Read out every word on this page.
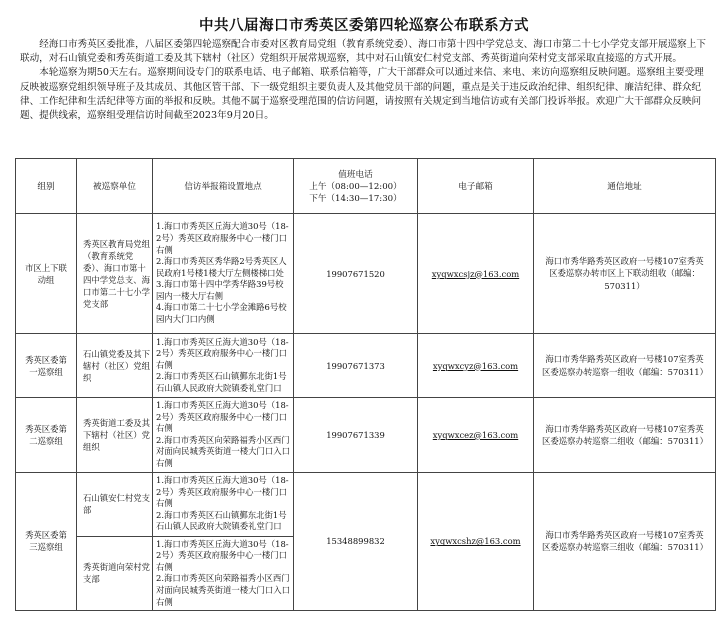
中共八届海口市秀英区委第四轮巡察公布联系方式

经海口市秀英区委批准，八届区委第四轮巡察配合市委对区教育局党组（教育系统党委）、海口市第十四中学党总支、海口市第二十七小学党支部开展巡察上下联动，对石山镇党委和秀英街道工委及其下辖村（社区）党组织开展常规巡察，其中对石山镇安仁村党支部、秀英街道向荣村党支部采取直接巡的方式开展。

本轮巡察为期50天左右。巡察期间设专门的联系电话、电子邮箱、联系信箱等，广大干部群众可以通过来信、来电、来访向巡察组反映问题。巡察组主要受理反映被巡察党组织领导班子及其成员、其他区管干部、下一级党组织主要负责人及其他党员干部的问题，重点是关于违反政治纪律、组织纪律、廉洁纪律、群众纪律、工作纪律和生活纪律等方面的举报和反映。其他不属于巡察受理范围的信访问题，请按照有关规定到当地信访或有关部门投诉举报。欢迎广大干部群众反映问题、提供线索，巡察组受理信访时间截至2023年9月20日。

组别	被巡察单位	信访举报箱设置地点	值班电话
上午（08:00—12:00）
下午（14:30—17:30）	电子邮箱	通信地址
市区上下联动组	秀英区教育局党组（教育系统党委）、海口市第十四中学党总支、海口市第二十七小学党支部	1.海口市秀英区丘海大道30号（18-2号）秀英区政府服务中心一楼门口右侧
2.海口市秀英区秀华路2号秀英区人民政府1号楼1楼大厅左侧楼梯口处
3.海口市第十四中学秀华路39号校园内一楼大厅右侧
4.海口市第二十七小学金滩路6号校园内大门口内侧	19907671520	xyqwxcsjz@163.com	海口市秀华路秀英区政府一号楼107室秀英区委巡察办转市区上下联动组收（邮编：570311）
秀英区委第一巡察组	石山镇党委及其下辖村（社区）党组织	1.海口市秀英区丘海大道30号（18-2号）秀英区政府服务中心一楼门口右侧
2.海口市秀英区石山镇鄞东北街1号石山镇人民政府大院镇委礼堂门口	19907671373	xyqwxcyz@163.com	海口市秀华路秀英区政府一号楼107室秀英区委巡察办转巡察一组收（邮编：570311）
秀英区委第二巡察组	秀英街道工委及其下辖村（社区）党组织	1.海口市秀英区丘海大道30号（18-2号）秀英区政府服务中心一楼门口右侧
2.海口市秀英区向荣路福秀小区西门对面向民城秀英街道一楼大门口入口右侧	19907671339	xyqwxcez@163.com	海口市秀华路秀英区政府一号楼107室秀英区委巡察办转巡察二组收（邮编：570311）
秀英区委第三巡察组	石山镇安仁村党支部	1.海口市秀英区丘海大道30号（18-2号）秀英区政府服务中心一楼门口右侧
2.海口市秀英区石山镇鄞东北街1号石山镇人民政府大院镇委礼堂门口	15348899832	xyqwxcshz@163.com	海口市秀华路秀英区政府一号楼107室秀英区委巡察办转巡察三组收（邮编：570311）
	秀英街道向荣村党支部	1.海口市秀英区丘海大道30号（18-2号）秀英区政府服务中心一楼门口右侧
2.海口市秀英区向荣路福秀小区西门对面向民城秀英街道一楼大门口入口右侧			
